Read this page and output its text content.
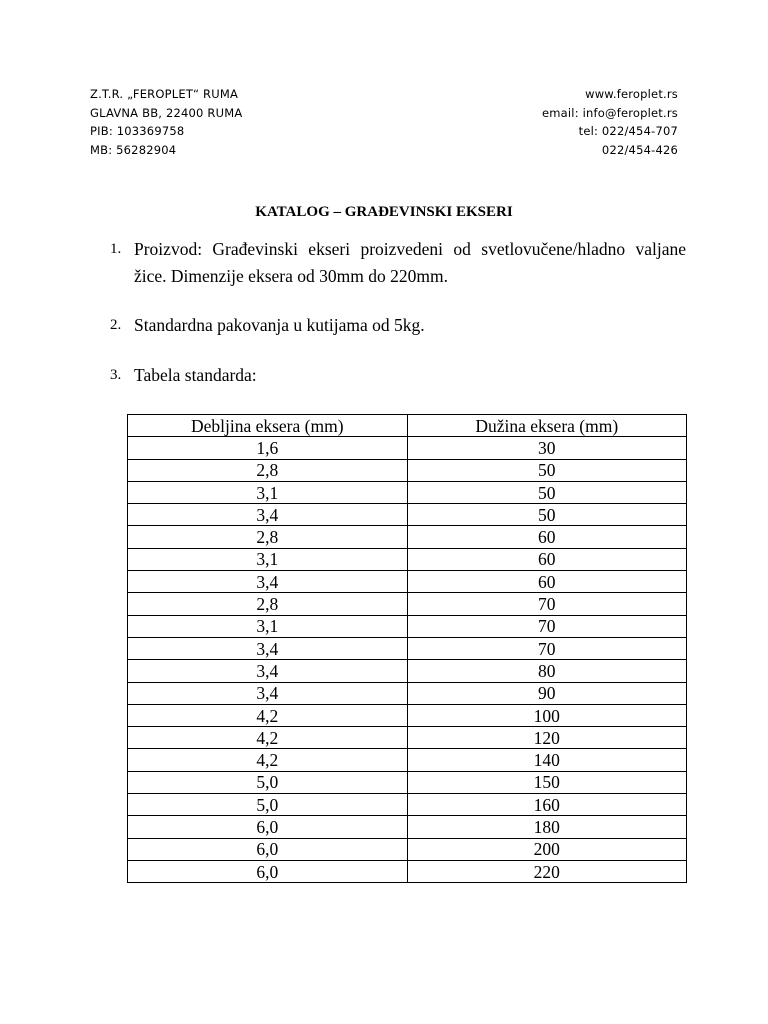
Z.T.R. „FEROPLET“ RUMA
GLAVNA BB, 22400 RUMA
PIB: 103369758
MB: 56282904
www.feroplet.rs
email: info@feroplet.rs
tel: 022/454-707
022/454-426
KATALOG – GRAĐEVINSKI EKSERI
1. Proizvod: Građevinski ekseri proizvedeni od svetlovučene/hladno valjane žice. Dimenzije eksera od 30mm do 220mm.
2. Standardna pakovanja u kutijama od 5kg.
3. Tabela standarda:
Debljina eksera (mm)	Dužina eksera (mm)
1,6	30
2,8	50
3,1	50
3,4	50
2,8	60
3,1	60
3,4	60
2,8	70
3,1	70
3,4	70
3,4	80
3,4	90
4,2	100
4,2	120
4,2	140
5,0	150
5,0	160
6,0	180
6,0	200
6,0	220
